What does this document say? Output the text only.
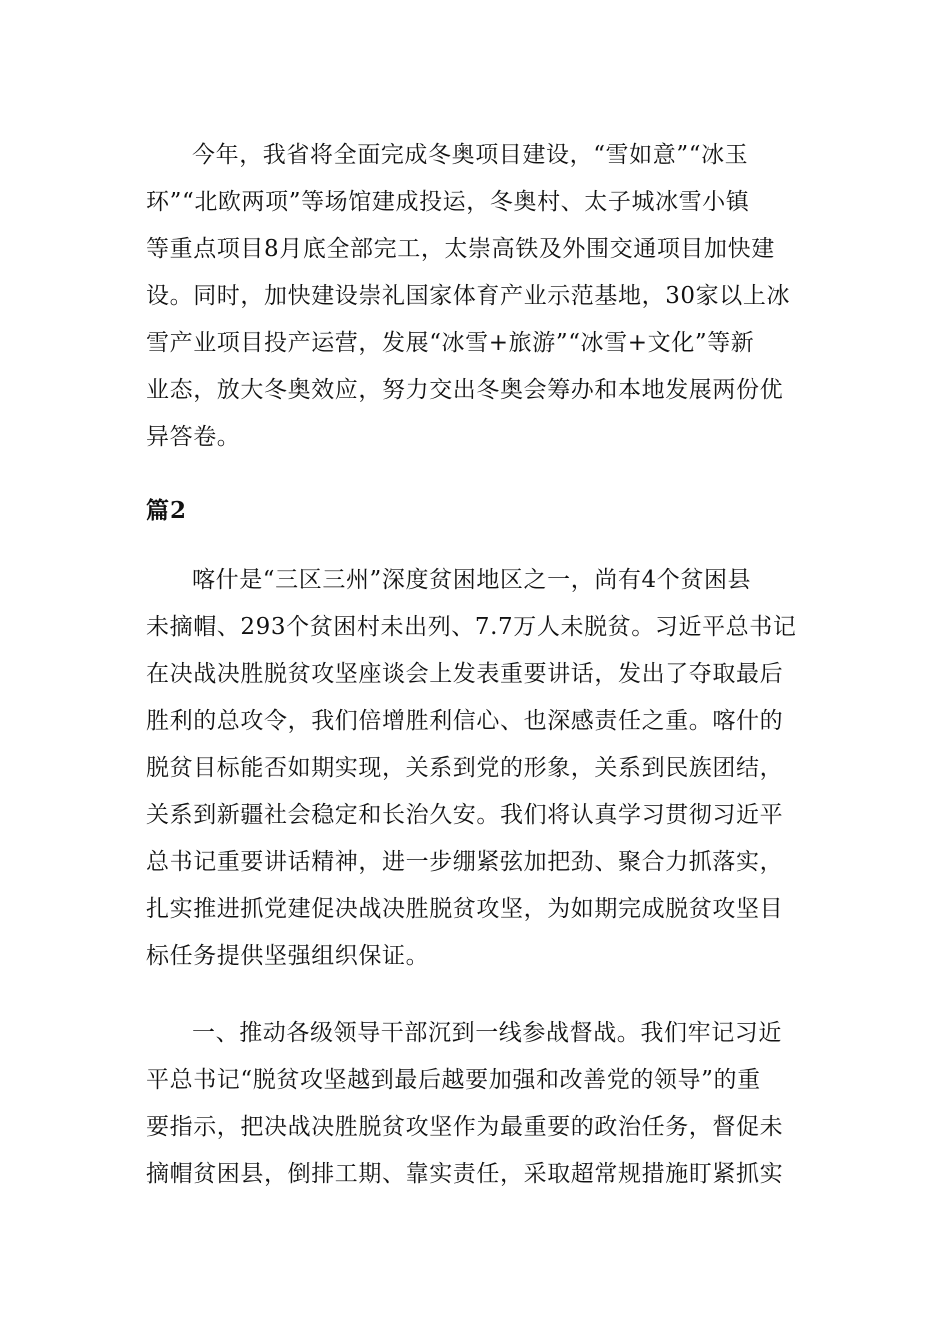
今年，我省将全面完成冬奥项目建设，“雪如意”“冰玉
环”“北欧两项”等场馆建成投运，冬奥村、太子城冰雪小镇
等重点项目8月底全部完工，太崇高铁及外围交通项目加快建
设。同时，加快建设崇礼国家体育产业示范基地，30家以上冰
雪产业项目投产运营，发展“冰雪+旅游”“冰雪+文化”等新
业态，放大冬奥效应，努力交出冬奥会筹办和本地发展两份优
异答卷。
篇2
喀什是“三区三州”深度贫困地区之一，尚有4个贫困县
未摘帽、293个贫困村未出列、7.7万人未脱贫。习近平总书记
在决战决胜脱贫攻坚座谈会上发表重要讲话，发出了夺取最后
胜利的总攻令，我们倍增胜利信心、也深感责任之重。喀什的
脱贫目标能否如期实现，关系到党的形象，关系到民族团结，
关系到新疆社会稳定和长治久安。我们将认真学习贯彻习近平
总书记重要讲话精神，进一步绷紧弦加把劲、聚合力抓落实，
扎实推进抓党建促决战决胜脱贫攻坚，为如期完成脱贫攻坚目
标任务提供坚强组织保证。
一、推动各级领导干部沉到一线参战督战。我们牢记习近
平总书记“脱贫攻坚越到最后越要加强和改善党的领导”的重
要指示，把决战决胜脱贫攻坚作为最重要的政治任务，督促未
摘帽贫困县，倒排工期、靠实责任，采取超常规措施盯紧抓实
